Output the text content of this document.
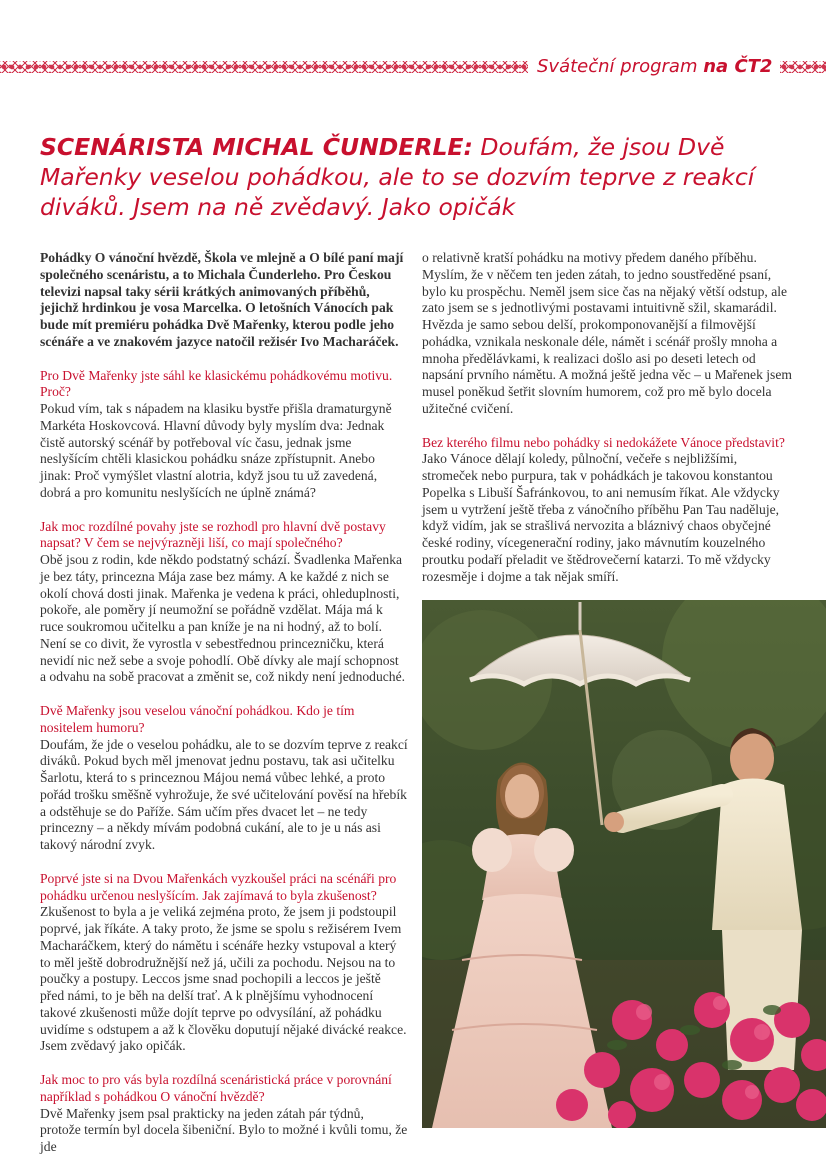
Sváteční program na ČT2
SCENÁRISTA MICHAL ČUNDERLE: Doufám, že jsou Dvě Mařenky veselou pohádkou, ale to se dozvím teprve z reakcí diváků. Jsem na ně zvědavý. Jako opičák

Pohádky O vánoční hvězdě, Škola ve mlejně a O bílé paní mají společného scenáristu, a to Michala Čunderleho. Pro Českou televizi napsal taky sérii krátkých animovaných příběhů, jejichž hrdinkou je vosa Marcelka. O letošních Vánocích pak bude mít premiéru pohádka Dvě Mařenky, kterou podle jeho scénáře a ve znakovém jazyce natočil režisér Ivo Macharáček.

Pro Dvě Mařenky jste sáhl ke klasickému pohádkovému motivu. Proč?

Pokud vím, tak s nápadem na klasiku bystře přišla dramaturgyně Markéta Hoskovcová. Hlavní důvody byly myslím dva: Jednak čistě autorský scénář by potřeboval víc času, jednak jsme neslyšícím chtěli klasickou pohádku snáze zpřístupnit. Anebo jinak: Proč vymýšlet vlastní alotria, když jsou tu už zavedená, dobrá a pro komunitu neslyšících ne úplně známá?

Jak moc rozdílné povahy jste se rozhodl pro hlavní dvě postavy napsat? V čem se nejvýrazněji liší, co mají společného?

Obě jsou z rodin, kde někdo podstatný schází. Švadlenka Mařenka je bez táty, princezna Mája zase bez mámy. A ke každé z nich se okolí chová dosti jinak. Mařenka je vedena k práci, ohleduplnosti, pokoře, ale poměry jí neumožní se pořádně vzdělat. Mája má k ruce soukromou učitelku a pan kníže je na ni hodný, až to bolí. Není se co divit, že vyrostla v sebestřednou princezničku, která nevidí nic než sebe a svoje pohodlí. Obě dívky ale mají schopnost a odvahu na sobě pracovat a změnit se, což nikdy není jednoduché.

Dvě Mařenky jsou veselou vánoční pohádkou. Kdo je tím nositelem humoru?

Doufám, že jde o veselou pohádku, ale to se dozvím teprve z reakcí diváků. Pokud bych měl jmenovat jednu postavu, tak asi učitelku Šarlotu, která to s princeznou Májou nemá vůbec lehké, a proto pořád trošku směšně vyhrožuje, že své učitelování pověsí na hřebík a odstěhuje se do Paříže. Sám učím přes dvacet let – ne tedy princezny – a někdy mívám podobná cukání, ale to je u nás asi takový národní zvyk.

Poprvé jste si na Dvou Mařenkách vyzkoušel práci na scénáři pro pohádku určenou neslyšícím. Jak zajímavá to byla zkušenost?

Zkušenost to byla a je veliká zejména proto, že jsem ji podstoupil poprvé, jak říkáte. A taky proto, že jsme se spolu s režisérem Ivem Macharáčkem, který do námětu i scénáře hezky vstupoval a který to měl ještě dobrodružnější než já, učili za pochodu. Nejsou na to poučky a postupy. Leccos jsme snad pochopili a leccos je ještě před námi, to je běh na delší trať. A k plnějšímu vyhodnocení takové zkušenosti může dojít teprve po odvysílání, až pohádku uvidíme s odstupem a až k člověku doputují nějaké divácké reakce. Jsem zvědavý jako opičák.

Jak moc to pro vás byla rozdílná scenáristická práce v porovnání například s pohádkou O vánoční hvězdě?

Dvě Mařenky jsem psal prakticky na jeden zátah pár týdnů, protože termín byl docela šibeniční. Bylo to možné i kvůli tomu, že jde

o relativně kratší pohádku na motivy předem daného příběhu. Myslím, že v něčem ten jeden zátah, to jedno soustředěné psaní, bylo ku prospěchu. Neměl jsem sice čas na nějaký větší odstup, ale zato jsem se s jednotlivými postavami intuitivně sžil, skamarádil. Hvězda je samo sebou delší, prokomponovanější a filmovější pohádka, vznikala neskonale déle, námět i scénář prošly mnoha a mnoha předělávkami, k realizaci došlo asi po deseti letech od napsání prvního námětu. A možná ještě jedna věc – u Mařenek jsem musel poněkud šetřit slovním humorem, což pro mě bylo docela užitečné cvičení.

Bez kterého filmu nebo pohádky si nedokážete Vánoce představit?

Jako Vánoce dělají koledy, půlnoční, večeře s nejbližšími, stromeček nebo purpura, tak v pohádkách je takovou konstantou Popelka s Libuší Šafránkovou, to ani nemusím říkat. Ale vždycky jsem u vytržení ještě třeba z vánočního příběhu Pan Tau naděluje, když vidím, jak se strašlivá nervozita a bláznivý chaos obyčejné české rodiny, vícegenerační rodiny, jako mávnutím kouzelného proutku podaří přeladit ve štědrovečerní katarzi. To mě vždycky rozesměje i dojme a tak nějak smíří.
